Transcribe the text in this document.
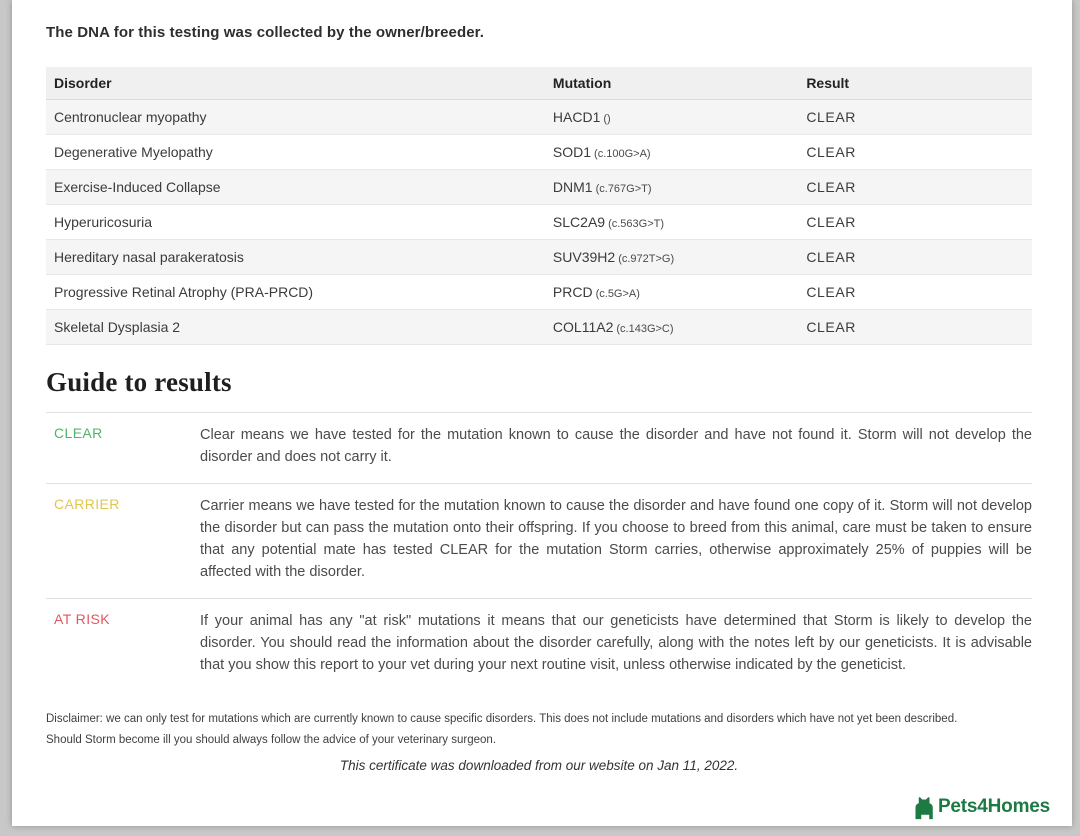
The DNA for this testing was collected by the owner/breeder.
Disorder	Mutation	Result
Centronuclear myopathy	HACD1 ()	CLEAR
Degenerative Myelopathy	SOD1 (c.100G>A)	CLEAR
Exercise-Induced Collapse	DNM1 (c.767G>T)	CLEAR
Hyperuricosuria	SLC2A9 (c.563G>T)	CLEAR
Hereditary nasal parakeratosis	SUV39H2 (c.972T>G)	CLEAR
Progressive Retinal Atrophy (PRA-PRCD)	PRCD (c.5G>A)	CLEAR
Skeletal Dysplasia 2	COL11A2 (c.143G>C)	CLEAR
Guide to results
CLEAR	Clear means we have tested for the mutation known to cause the disorder and have not found it. Storm will not develop the disorder and does not carry it.
CARRIER	Carrier means we have tested for the mutation known to cause the disorder and have found one copy of it. Storm will not develop the disorder but can pass the mutation onto their offspring. If you choose to breed from this animal, care must be taken to ensure that any potential mate has tested CLEAR for the mutation Storm carries, otherwise approximately 25% of puppies will be affected with the disorder.
AT RISK	If your animal has any "at risk" mutations it means that our geneticists have determined that Storm is likely to develop the disorder. You should read the information about the disorder carefully, along with the notes left by our geneticists. It is advisable that you show this report to your vet during your next routine visit, unless otherwise indicated by the geneticist.
Disclaimer: we can only test for mutations which are currently known to cause specific disorders. This does not include mutations and disorders which have not yet been described.
Should Storm become ill you should always follow the advice of your veterinary surgeon.
This certificate was downloaded from our website on Jan 11, 2022.
Pets4Homes
